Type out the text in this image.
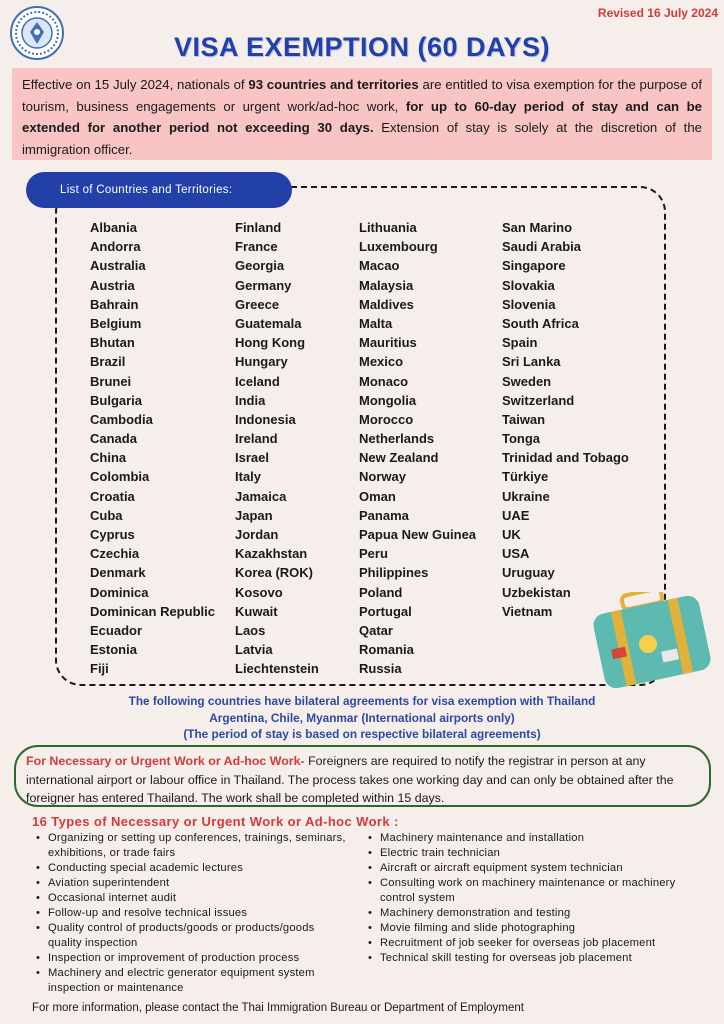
Revised 16 July 2024
VISA EXEMPTION (60 DAYS)
Effective on 15 July 2024, nationals of 93 countries and territories are entitled to visa exemption for the purpose of tourism, business engagements or urgent work/ad-hoc work, for up to 60-day period of stay and can be extended for another period not exceeding 30 days. Extension of stay is solely at the discretion of the immigration officer.
List of Countries and Territories:
Albania
Andorra
Australia
Austria
Bahrain
Belgium
Bhutan
Brazil
Brunei
Bulgaria
Cambodia
Canada
China
Colombia
Croatia
Cuba
Cyprus
Czechia
Denmark
Dominica
Dominican Republic
Ecuador
Estonia
Fiji
Finland
France
Georgia
Germany
Greece
Guatemala
Hong Kong
Hungary
Iceland
India
Indonesia
Ireland
Israel
Italy
Jamaica
Japan
Jordan
Kazakhstan
Korea (ROK)
Kosovo
Kuwait
Laos
Latvia
Liechtenstein
Lithuania
Luxembourg
Macao
Malaysia
Maldives
Malta
Mauritius
Mexico
Monaco
Mongolia
Morocco
Netherlands
New Zealand
Norway
Oman
Panama
Papua New Guinea
Peru
Philippines
Poland
Portugal
Qatar
Romania
Russia
San Marino
Saudi Arabia
Singapore
Slovakia
Slovenia
South Africa
Spain
Sri Lanka
Sweden
Switzerland
Taiwan
Tonga
Trinidad and Tobago
Türkiye
Ukraine
UAE
UK
USA
Uruguay
Uzbekistan
Vietnam
The following countries have bilateral agreements for visa exemption with Thailand
Argentina, Chile, Myanmar (International airports only)
(The period of stay is based on respective bilateral agreements)
For Necessary or Urgent Work or Ad-hoc Work- Foreigners are required to notify the registrar in person at any international airport or labour office in Thailand. The process takes one working day and can only be obtained after the foreigner has entered Thailand. The work shall be completed within 15 days.
16 Types of Necessary or Urgent Work or Ad-hoc Work :
• Organizing or setting up conferences, trainings, seminars, exhibitions, or trade fairs
• Conducting special academic lectures
• Aviation superintendent
• Occasional internet audit
• Follow-up and resolve technical issues
• Quality control of products/goods or products/goods quality inspection
• Inspection or improvement of production process
• Machinery and electric generator equipment system inspection or maintenance
• Machinery maintenance and installation
• Electric train technician
• Aircraft or aircraft equipment system technician
• Consulting work on machinery maintenance or machinery control system
• Machinery demonstration and testing
• Movie filming and slide photographing
• Recruitment of job seeker for overseas job placement
• Technical skill testing for overseas job placement
For more information, please contact the Thai Immigration Bureau or Department of Employment
